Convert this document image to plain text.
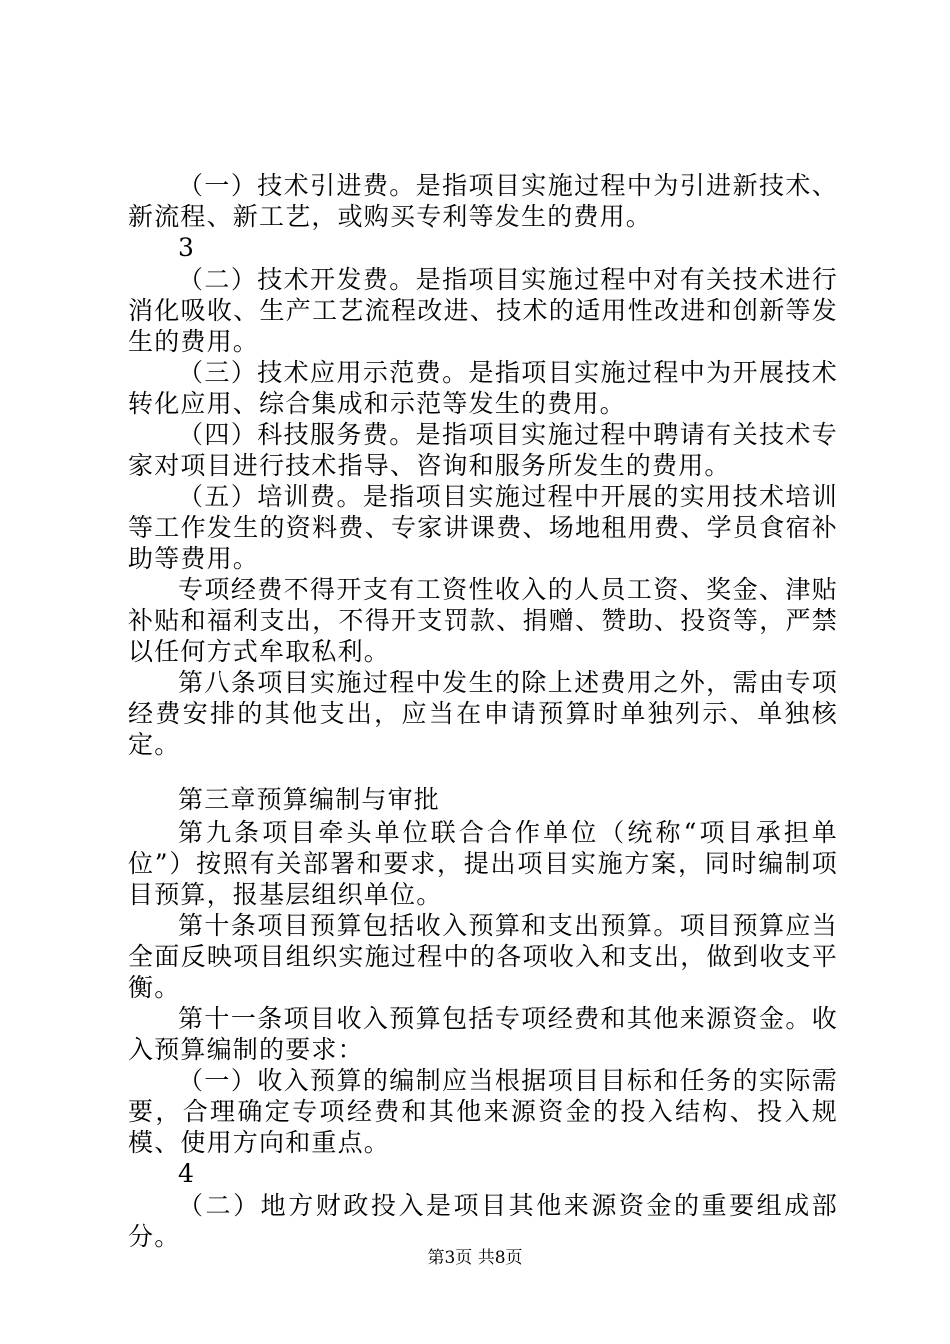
（一）技术引进费。是指项目实施过程中为引进新技术、新流程、新工艺，或购买专利等发生的费用。

3

（二）技术开发费。是指项目实施过程中对有关技术进行消化吸收、生产工艺流程改进、技术的适用性改进和创新等发生的费用。

（三）技术应用示范费。是指项目实施过程中为开展技术转化应用、综合集成和示范等发生的费用。

（四）科技服务费。是指项目实施过程中聘请有关技术专家对项目进行技术指导、咨询和服务所发生的费用。

（五）培训费。是指项目实施过程中开展的实用技术培训等工作发生的资料费、专家讲课费、场地租用费、学员食宿补助等费用。

专项经费不得开支有工资性收入的人员工资、奖金、津贴补贴和福利支出，不得开支罚款、捐赠、赞助、投资等，严禁以任何方式牟取私利。

第八条项目实施过程中发生的除上述费用之外，需由专项经费安排的其他支出，应当在申请预算时单独列示、单独核定。

第三章预算编制与审批

第九条项目牵头单位联合合作单位（统称“项目承担单位”）按照有关部署和要求，提出项目实施方案，同时编制项目预算，报基层组织单位。

第十条项目预算包括收入预算和支出预算。项目预算应当全面反映项目组织实施过程中的各项收入和支出，做到收支平衡。

第十一条项目收入预算包括专项经费和其他来源资金。收入预算编制的要求：

（一）收入预算的编制应当根据项目目标和任务的实际需要，合理确定专项经费和其他来源资金的投入结构、投入规模、使用方向和重点。

4

（二）地方财政投入是项目其他来源资金的重要组成部分。

第3页 共8页
